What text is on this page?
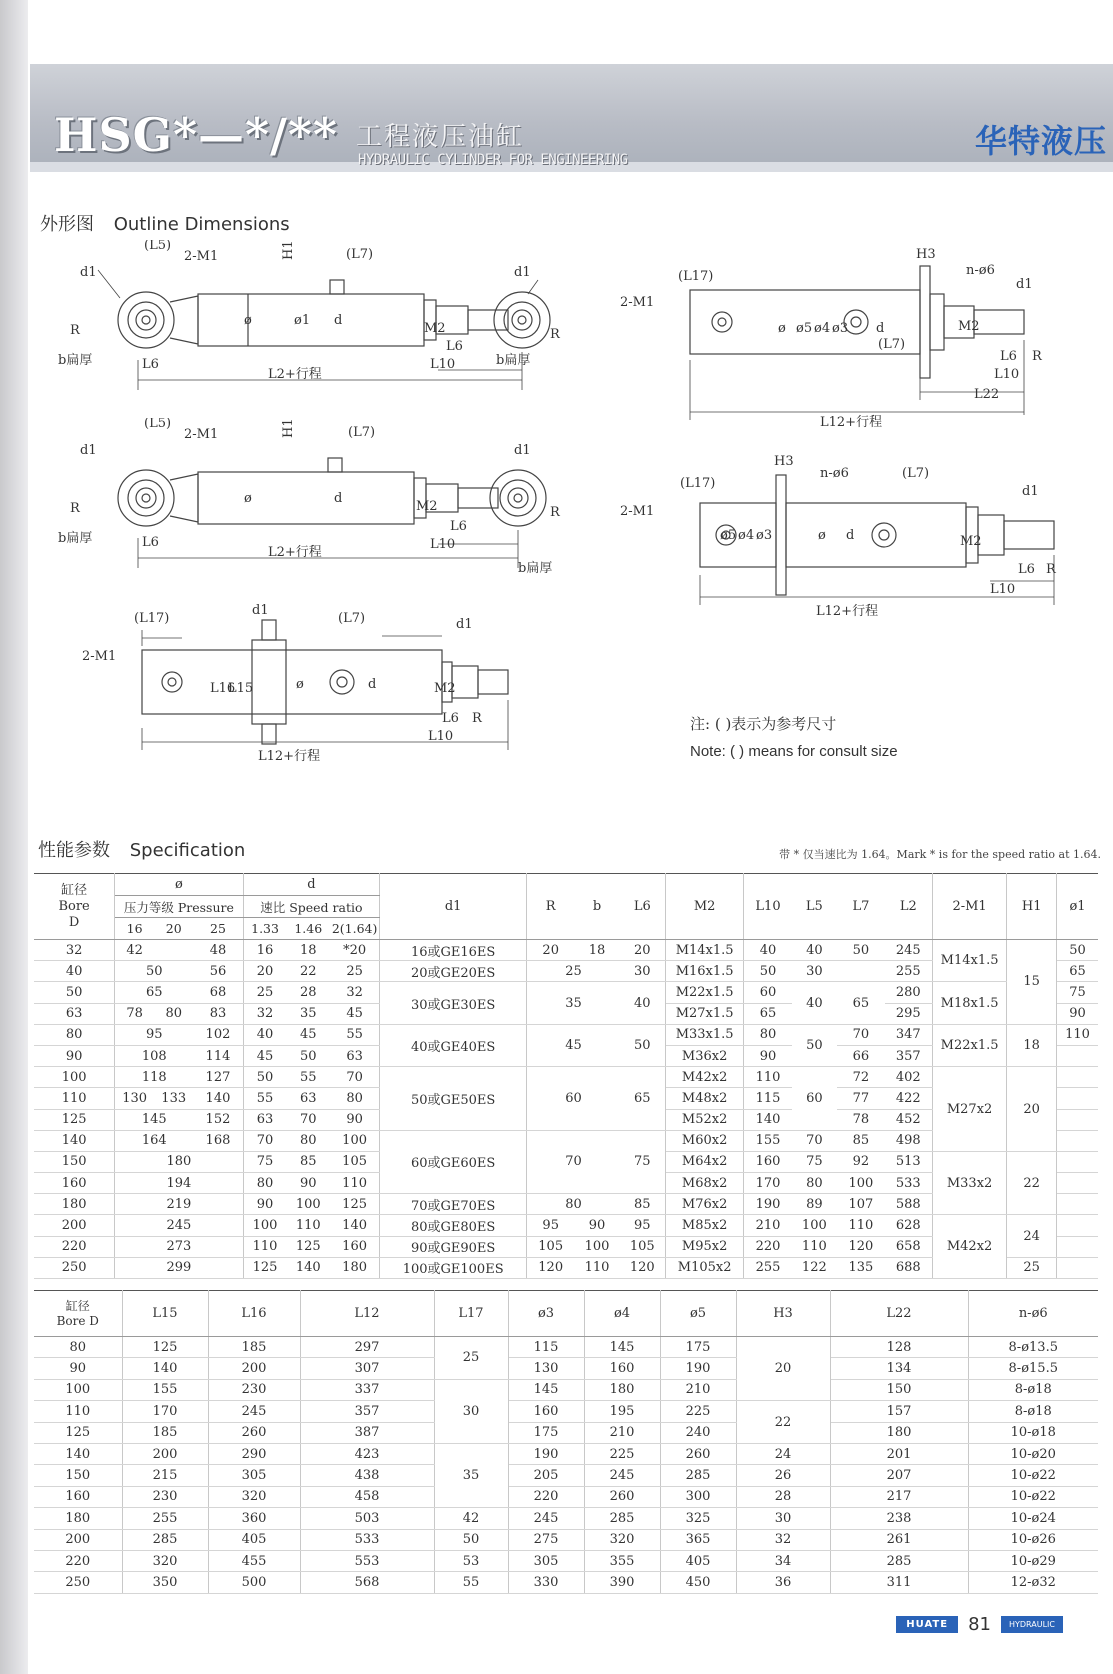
HSG*—*/** 工程液压油缸
HYDRAULIC CYLINDER FOR ENGINEERING	华特液压
外形图 Outline Dimensions
(L5)
2-M1	H1	(L7)
d1	d1
R	R
b扁厚	b扁厚
ø	ø1 d
M2
L6
L2+行程
L10
L6
(L5)
2-M1	H1	(L7)
d1	d1
R	R
b扁厚
b扁厚
ø	d
M2
L6
L2+行程
L10
L6
(L17)
d1
(L7)	d1
2-M1
L16
L15	ø	d	M2
L6 R
L10
L12+行程
(L17)
2-M1
H3
n-ø6
d1
ø ø5 ø4 ø3 d
(L7)
M2
L6 R
L10
L22
L12+行程
(L17)
2-M1
H3
n-ø6	(L7)
d1
ø5 ø4 ø3	ø d	M2
L6 R
L10
L12+行程
注: ( )表示为参考尺寸
Note: ( ) means for consult size
性能参数 Specification	带 * 仅当速比为 1.64。Mark * is for the speed ratio at 1.64.
缸径
Bore
D	ø			d			d1	R	b	L6	M2	L10	L5	L7	L2	2-M1	H1	ø1
	压力等级 Pressure			速比 Speed ratio														
	16	20	25	1.33	1.46	2(1.64)												
32	42		48	16	18	*20	16或GE16ES	20	18	20	M14x1.5	40	40	50	245	M14x1.5	15	50
40	50		56	20	22	25	20或GE20ES	25		30	M16x1.5	50	30		255			65
50	65		68	25	28	32	30或GE30ES	35		40	M22x1.5	60	40	65	280	M18x1.5		75
63	78	80	83	32	35	45					M27x1.5	65			295			90
80	95		102	40	45	55	40或GE40ES	45		50	M33x1.5	80	50	70	347	M22x1.5	18	110
90	108		114	45	50	63					M36x2	90		66	357			
100	118		127	50	55	70	50或GE50ES	60		65	M42x2	110	60	72	402	M27x2	20	
110	130	133	140	55	63	80					M48x2	115		77	422			
125	145		152	63	70	90					M52x2	140		78	452			
140	164		168	70	80	100	60或GE60ES	70		75	M60x2	155	70	85	498			
150	180			75	85	105					M64x2	160	75	92	513	M33x2	22	
160	194			80	90	110					M68x2	170	80	100	533			
180	219			90	100	125	70或GE70ES	80		85	M76x2	190	89	107	588			
200	245			100	110	140	80或GE80ES	95	90	95	M85x2	210	100	110	628	M42x2	24	
220	273			110	125	160	90或GE90ES	105	100	105	M95x2	220	110	120	658			
250	299			125	140	180	100或GE100ES	120	110	120	M105x2	255	122	135	688		25	
缸径
Bore D	L15	L16	L12	L17	ø3	ø4	ø5	H3	L22	n-ø6
80	125	185	297	25	115	145	175	20	128	8-ø13.5
90	140	200	307		130	160	190		134	8-ø15.5
100	155	230	337	30	145	180	210		150	8-ø18
110	170	245	357		160	195	225	22	157	8-ø18
125	185	260	387		175	210	240		180	10-ø18
140	200	290	423	35	190	225	260	24	201	10-ø20
150	215	305	438		205	245	285	26	207	10-ø22
160	230	320	458		220	260	300	28	217	10-ø22
180	255	360	503	42	245	285	325	30	238	10-ø24
200	285	405	533	50	275	320	365	32	261	10-ø26
220	320	455	553	53	305	355	405	34	285	10-ø29
250	350	500	568	55	330	390	450	36	311	12-ø32
HUATE	81	HYDRAULIC
